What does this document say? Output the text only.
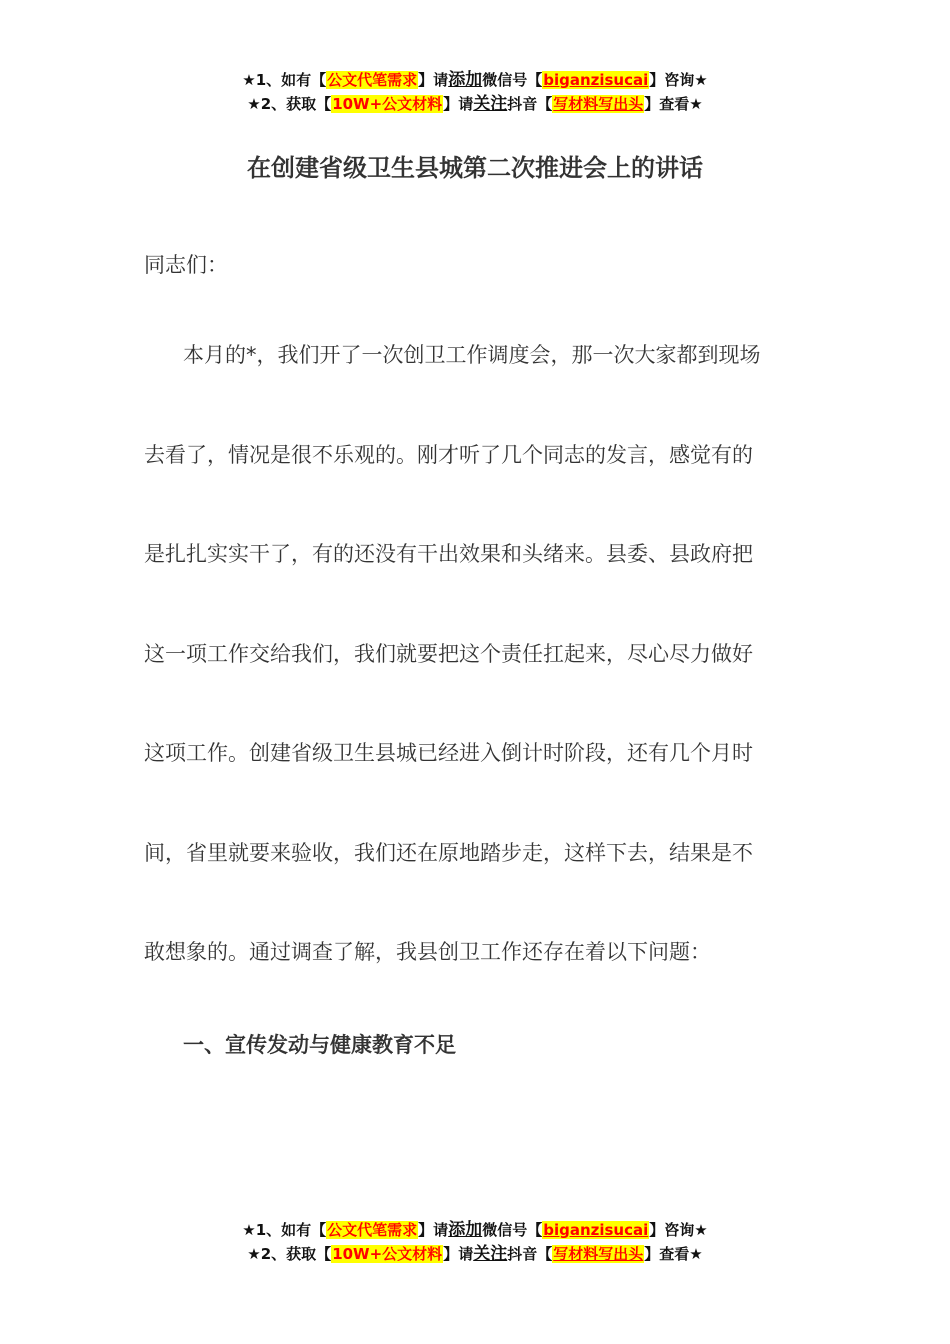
★1、如有【公文代笔需求】请添加微信号【biganzisucai】咨询★
★2、获取【10W+公文材料】请关注抖音【写材料写出头】查看★
在创建省级卫生县城第二次推进会上的讲话
同志们：
本月的*，我们开了一次创卫工作调度会，那一次大家都到现场
去看了，情况是很不乐观的。刚才听了几个同志的发言，感觉有的
是扎扎实实干了，有的还没有干出效果和头绪来。县委、县政府把
这一项工作交给我们，我们就要把这个责任扛起来，尽心尽力做好
这项工作。创建省级卫生县城已经进入倒计时阶段，还有几个月时
间，省里就要来验收，我们还在原地踏步走，这样下去，结果是不
敢想象的。通过调查了解，我县创卫工作还存在着以下问题：
一、宣传发动与健康教育不足
★1、如有【公文代笔需求】请添加微信号【biganzisucai】咨询★
★2、获取【10W+公文材料】请关注抖音【写材料写出头】查看★
